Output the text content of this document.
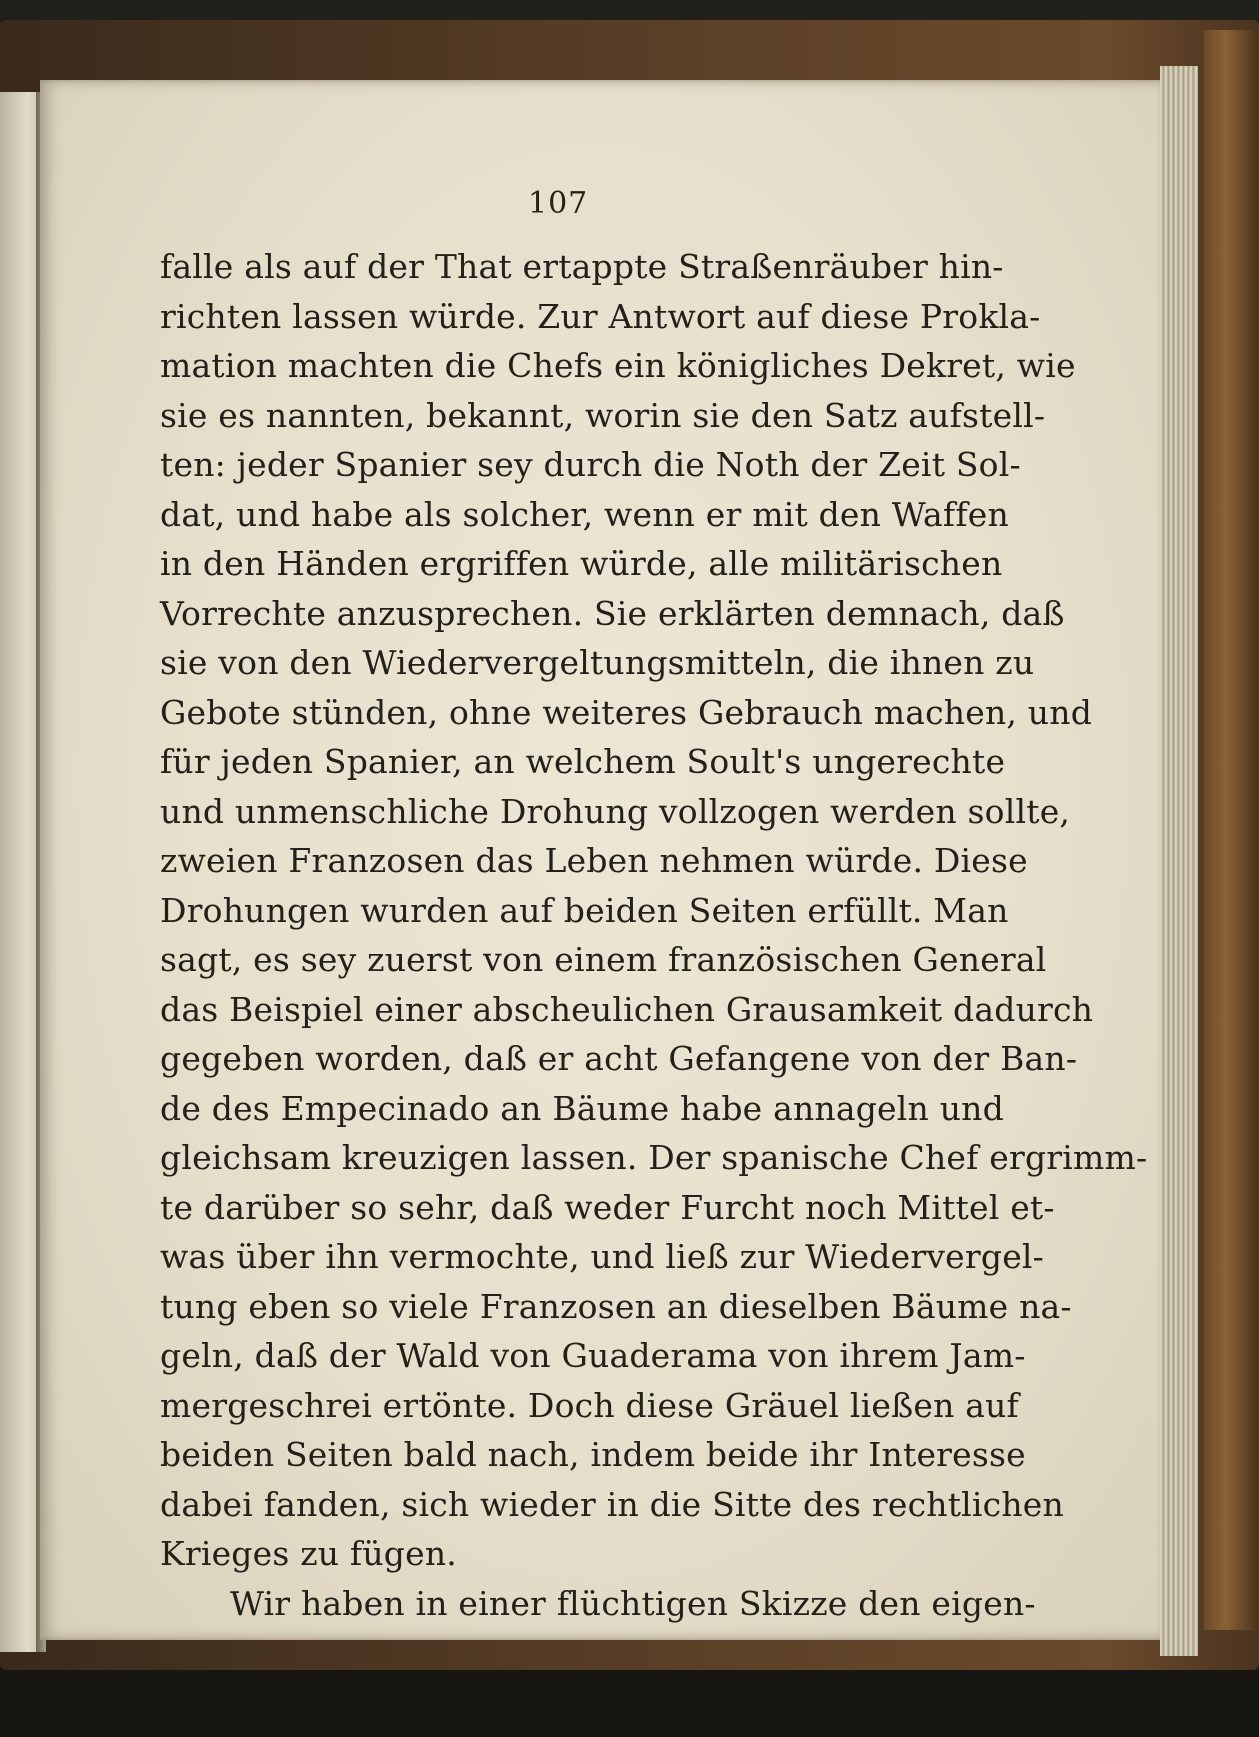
107
falle als auf der That ertappte Straßenräuber hin-
richten lassen würde. Zur Antwort auf diese Prokla-
mation machten die Chefs ein königliches Dekret, wie
sie es nannten, bekannt, worin sie den Satz aufstell-
ten: jeder Spanier sey durch die Noth der Zeit Sol-
dat, und habe als solcher, wenn er mit den Waffen
in den Händen ergriffen würde, alle militärischen
Vorrechte anzusprechen. Sie erklärten demnach, daß
sie von den Wiedervergeltungsmitteln, die ihnen zu
Gebote stünden, ohne weiteres Gebrauch machen, und
für jeden Spanier, an welchem Soult's ungerechte
und unmenschliche Drohung vollzogen werden sollte,
zweien Franzosen das Leben nehmen würde. Diese
Drohungen wurden auf beiden Seiten erfüllt. Man
sagt, es sey zuerst von einem französischen General
das Beispiel einer abscheulichen Grausamkeit dadurch
gegeben worden, daß er acht Gefangene von der Ban-
de des Empecinado an Bäume habe annageln und
gleichsam kreuzigen lassen. Der spanische Chef ergrimm-
te darüber so sehr, daß weder Furcht noch Mittel et-
was über ihn vermochte, und ließ zur Wiedervergel-
tung eben so viele Franzosen an dieselben Bäume na-
geln, daß der Wald von Guaderama von ihrem Jam-
mergeschrei ertönte. Doch diese Gräuel ließen auf
beiden Seiten bald nach, indem beide ihr Interesse
dabei fanden, sich wieder in die Sitte des rechtlichen
Krieges zu fügen.
Wir haben in einer flüchtigen Skizze den eigen-
